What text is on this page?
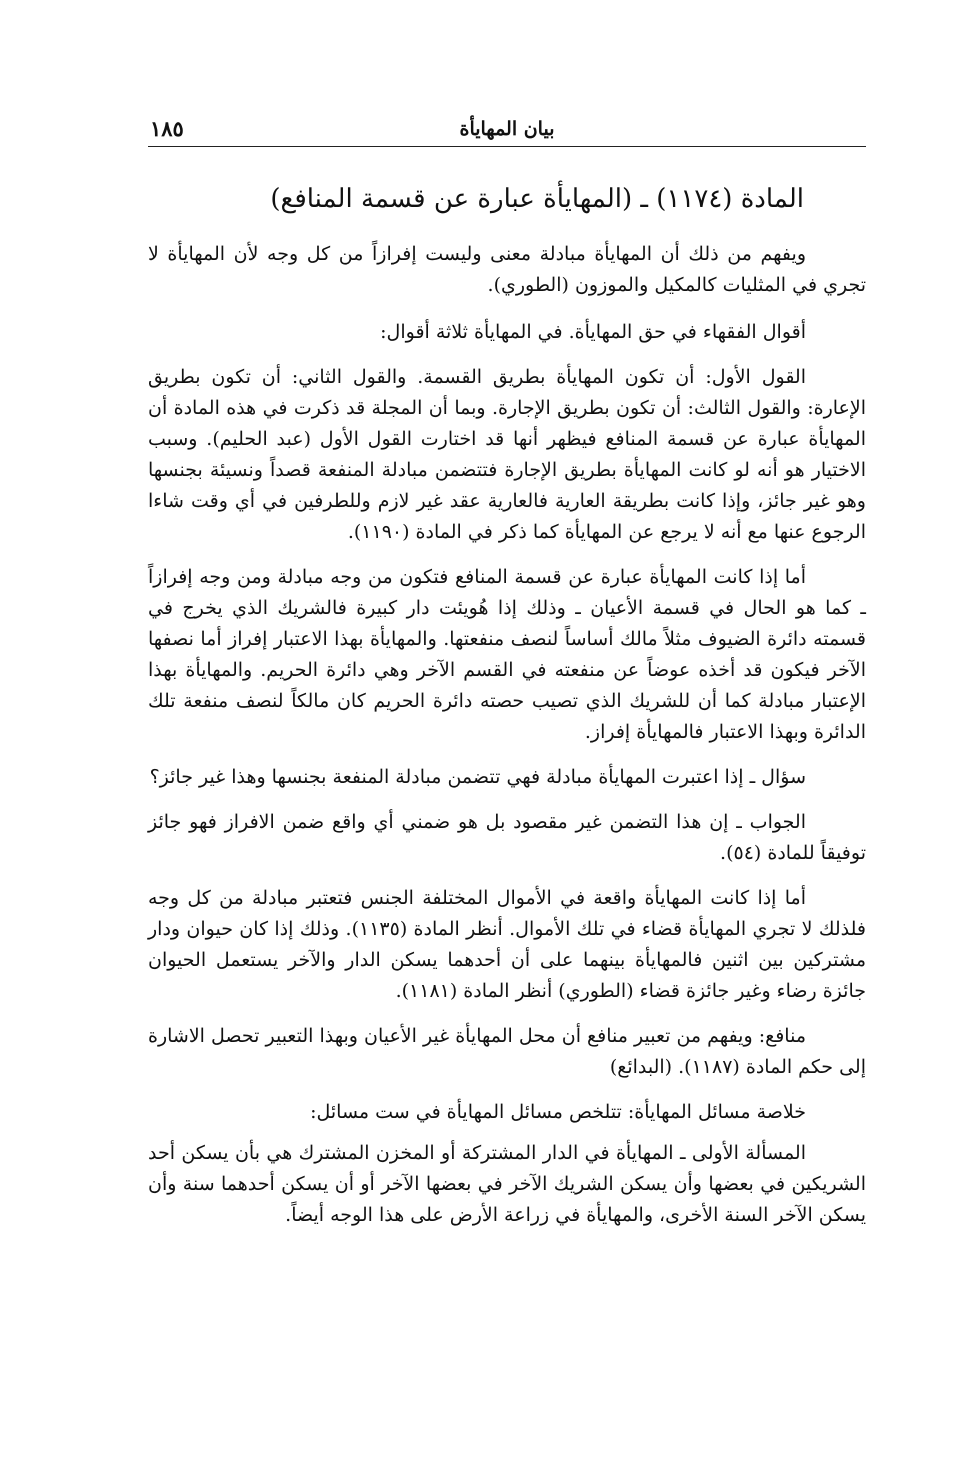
بيان المهايأة
١٨٥
المادة (١١٧٤) ـ (المهايأة عبارة عن قسمة المنافع)

ويفهم من ذلك أن المهايأة مبادلة معنى وليست إفرازاً من كل وجه لأن المهايأة لا تجري في المثليات كالمكيل والموزون (الطوري).

أقوال الفقهاء في حق المهايأة. في المهايأة ثلاثة أقوال:

القول الأول: أن تكون المهايأة بطريق القسمة. والقول الثاني: أن تكون بطريق الإعارة: والقول الثالث: أن تكون بطريق الإجارة. وبما أن المجلة قد ذكرت في هذه المادة أن المهايأة عبارة عن قسمة المنافع فيظهر أنها قد اختارت القول الأول (عبد الحليم). وسبب الاختيار هو أنه لو كانت المهايأة بطريق الإجارة فتتضمن مبادلة المنفعة قصداً ونسيئة بجنسها وهو غير جائز، وإذا كانت بطريقة العارية فالعارية عقد غير لازم وللطرفين في أي وقت شاءا الرجوع عنها مع أنه لا يرجع عن المهايأة كما ذكر في المادة (١١٩٠).

أما إذا كانت المهايأة عبارة عن قسمة المنافع فتكون من وجه مبادلة ومن وجه إفرازاً ـ كما هو الحال في قسمة الأعيان ـ وذلك إذا هُويئت دار كبيرة فالشريك الذي يخرج في قسمته دائرة الضيوف مثلاً مالك أساساً لنصف منفعتها. والمهايأة بهذا الاعتبار إفراز أما نصفها الآخر فيكون قد أخذه عوضاً عن منفعته في القسم الآخر وهي دائرة الحريم. والمهايأة بهذا الإعتبار مبادلة كما أن للشريك الذي تصيب حصته دائرة الحريم كان مالكاً لنصف منفعة تلك الدائرة وبهذا الاعتبار فالمهايأة إفراز.

سؤال ـ إذا اعتبرت المهايأة مبادلة فهي تتضمن مبادلة المنفعة بجنسها وهذا غير جائز؟

الجواب ـ إن هذا التضمن غير مقصود بل هو ضمني أي واقع ضمن الافراز فهو جائز توفيقاً للمادة (٥٤).

أما إذا كانت المهايأة واقعة في الأموال المختلفة الجنس فتعتبر مبادلة من كل وجه فلذلك لا تجري المهايأة قضاء في تلك الأموال. أنظر المادة (١١٣٥). وذلك إذا كان حيوان ودار مشتركين بين اثنين فالمهايأة بينهما على أن أحدهما يسكن الدار والآخر يستعمل الحيوان جائزة رضاء وغير جائزة قضاء (الطوري) أنظر المادة (١١٨١).

منافع: ويفهم من تعبير منافع أن محل المهايأة غير الأعيان وبهذا التعبير تحصل الاشارة إلى حكم المادة (١١٨٧). (البدائع)

خلاصة مسائل المهايأة: تتلخص مسائل المهايأة في ست مسائل:

المسألة الأولى ـ المهايأة في الدار المشتركة أو المخزن المشترك هي بأن يسكن أحد الشريكين في بعضها وأن يسكن الشريك الآخر في بعضها الآخر أو أن يسكن أحدهما سنة وأن يسكن الآخر السنة الأخرى، والمهايأة في زراعة الأرض على هذا الوجه أيضاً.
